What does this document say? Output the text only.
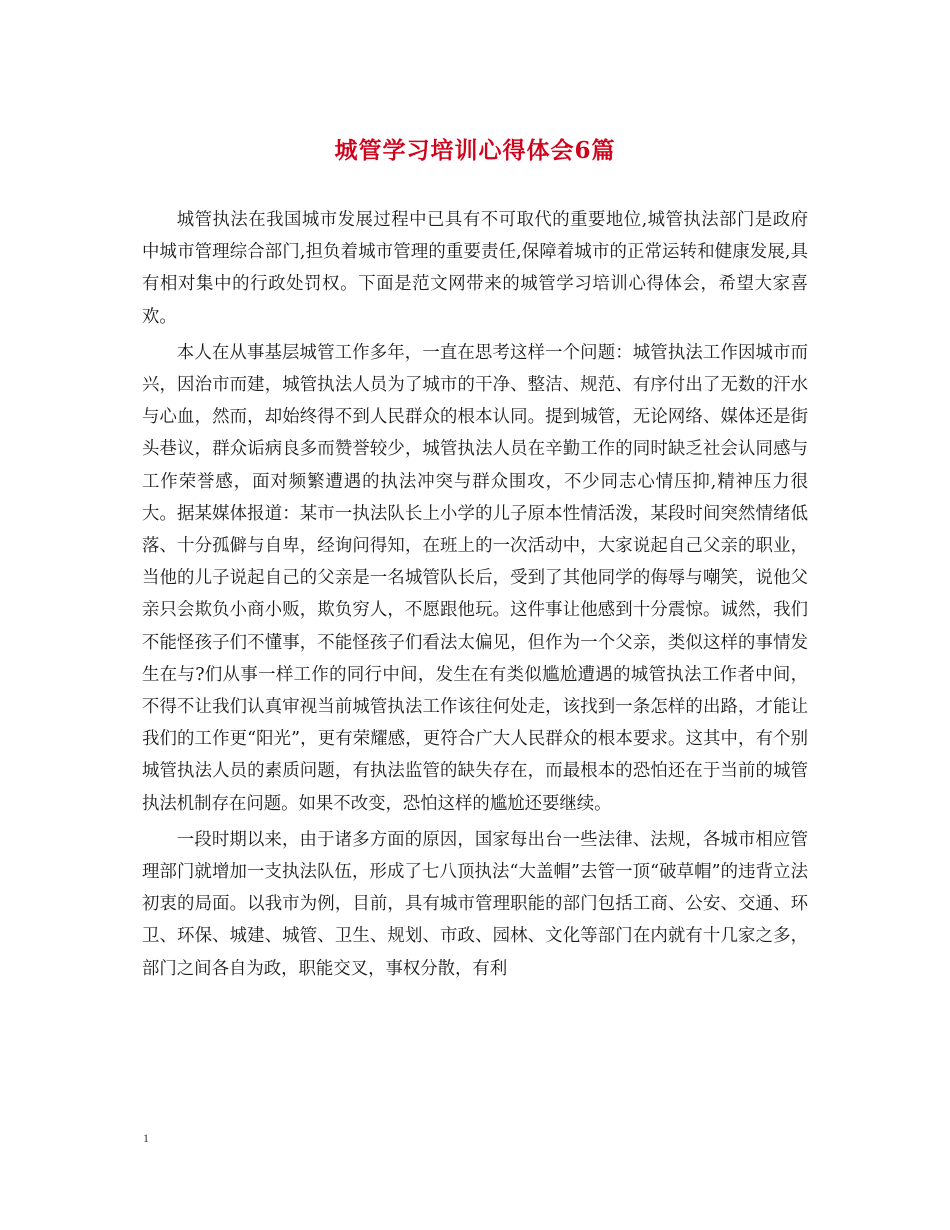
城管学习培训心得体会6篇

城管执法在我国城市发展过程中已具有不可取代的重要地位,城管执法部门是政府中城市管理综合部门,担负着城市管理的重要责任,保障着城市的正常运转和健康发展,具有相对集中的行政处罚权。下面是范文网带来的城管学习培训心得体会，希望大家喜欢。

本人在从事基层城管工作多年，一直在思考这样一个问题：城管执法工作因城市而兴，因治市而建，城管执法人员为了城市的干净、整洁、规范、有序付出了无数的汗水与心血，然而，却始终得不到人民群众的根本认同。提到城管，无论网络、媒体还是街头巷议，群众诟病良多而赞誉较少，城管执法人员在辛勤工作的同时缺乏社会认同感与工作荣誉感，面对频繁遭遇的执法冲突与群众围攻，不少同志心情压抑,精神压力很大。据某媒体报道：某市一执法队长上小学的儿子原本性情活泼，某段时间突然情绪低落、十分孤僻与自卑，经询问得知，在班上的一次活动中，大家说起自己父亲的职业，当他的儿子说起自己的父亲是一名城管队长后，受到了其他同学的侮辱与嘲笑，说他父亲只会欺负小商小贩，欺负穷人，不愿跟他玩。这件事让他感到十分震惊。诚然，我们不能怪孩子们不懂事，不能怪孩子们看法太偏见，但作为一个父亲，类似这样的事情发生在与?们从事一样工作的同行中间，发生在有类似尴尬遭遇的城管执法工作者中间，不得不让我们认真审视当前城管执法工作该往何处走，该找到一条怎样的出路，才能让我们的工作更“阳光”，更有荣耀感，更符合广大人民群众的根本要求。这其中，有个别城管执法人员的素质问题，有执法监管的缺失存在，而最根本的恐怕还在于当前的城管执法机制存在问题。如果不改变，恐怕这样的尴尬还要继续。

一段时期以来，由于诸多方面的原因，国家每出台一些法律、法规，各城市相应管理部门就增加一支执法队伍，形成了七八顶执法“大盖帽”去管一顶“破草帽”的违背立法初衷的局面。以我市为例，目前，具有城市管理职能的部门包括工商、公安、交通、环卫、环保、城建、城管、卫生、规划、市政、园林、文化等部门在内就有十几家之多，部门之间各自为政，职能交叉，事权分散，有利

1
